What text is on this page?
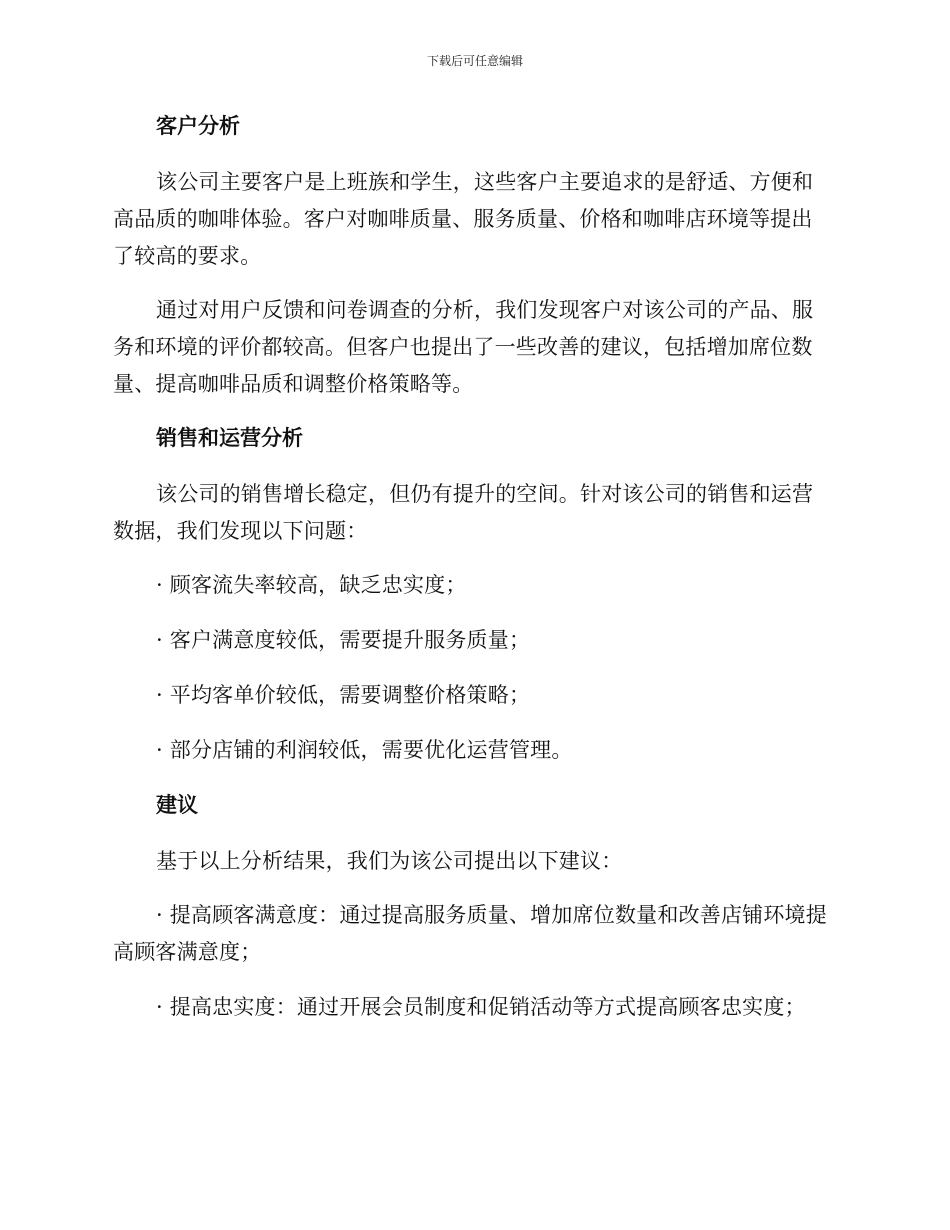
下载后可任意编辑
客户分析

该公司主要客户是上班族和学生，这些客户主要追求的是舒适、方便和高品质的咖啡体验。客户对咖啡质量、服务质量、价格和咖啡店环境等提出了较高的要求。

通过对用户反馈和问卷调查的分析，我们发现客户对该公司的产品、服务和环境的评价都较高。但客户也提出了一些改善的建议，包括增加席位数量、提高咖啡品质和调整价格策略等。

销售和运营分析

该公司的销售增长稳定，但仍有提升的空间。针对该公司的销售和运营数据，我们发现以下问题：

· 顾客流失率较高，缺乏忠实度；

· 客户满意度较低，需要提升服务质量；

· 平均客单价较低，需要调整价格策略；

· 部分店铺的利润较低，需要优化运营管理。

建议

基于以上分析结果，我们为该公司提出以下建议：

· 提高顾客满意度：通过提高服务质量、增加席位数量和改善店铺环境提高顾客满意度；

· 提高忠实度：通过开展会员制度和促销活动等方式提高顾客忠实度；
